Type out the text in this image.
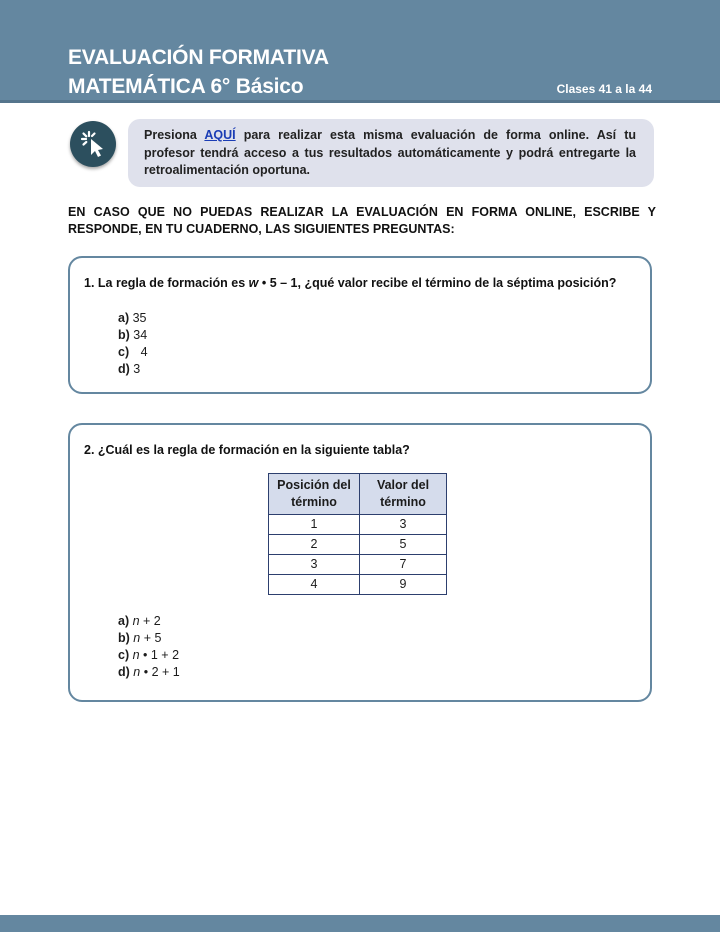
EVALUACIÓN FORMATIVA
MATEMÁTICA 6° Básico	Clases 41 a la 44
Presiona AQUÍ para realizar esta misma evaluación de forma online. Así tu profesor tendrá acceso a tus resultados automáticamente y podrá entregarte la retroalimentación oportuna.
EN CASO QUE NO PUEDAS REALIZAR LA EVALUACIÓN EN FORMA ONLINE, ESCRIBE Y RESPONDE, EN TU CUADERNO, LAS SIGUIENTES PREGUNTAS:
1. La regla de formación es w • 5 – 1, ¿qué valor recibe el término de la séptima posición?
a) 35
b) 34
c) 4
d) 3
2. ¿Cuál es la regla de formación en la siguiente tabla?
Posición del término	Valor del término
1	3
2	5
3	7
4	9
a) n + 2
b) n + 5
c) n • 1 + 2
d) n • 2 + 1
